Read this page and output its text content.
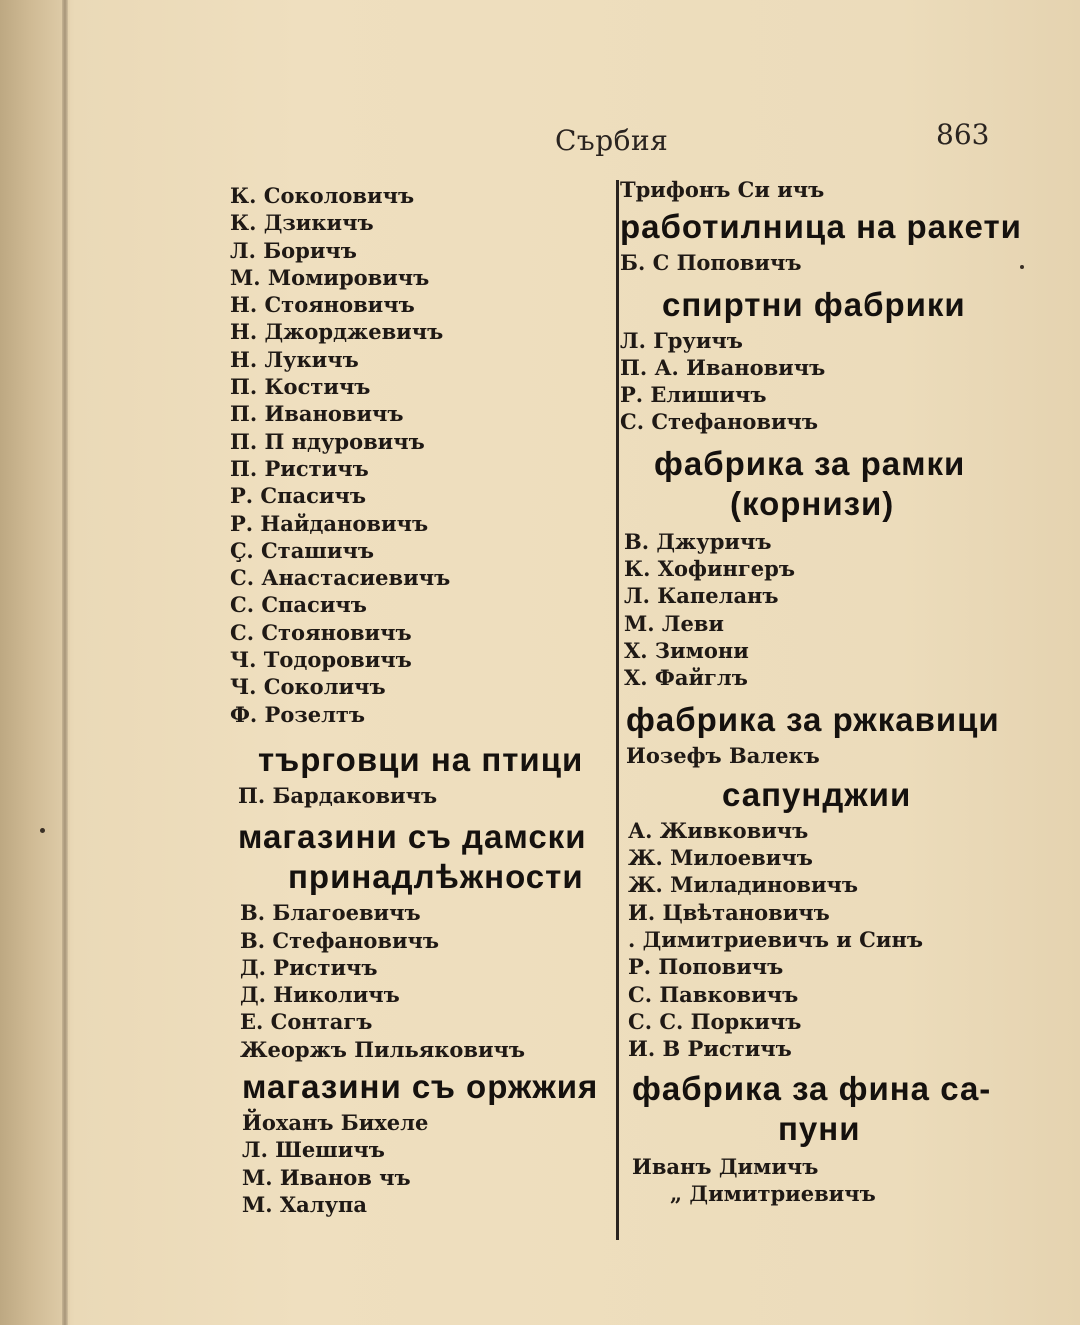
Сърбия	863
К. Соколовичъ
К. Дзикичъ
Л. Боричъ
М. Момировичъ
Н. Стояновичъ
Н. Джорджевичъ
Н. Лукичъ
П. Костичъ
П. Ивановичъ
П. П ндуровичъ
П. Ристичъ
Р. Спасичъ
Р. Найдановичъ
Ç. Сташичъ
С. Анастасиевичъ
С. Спасичъ
С. Стояновичъ
Ч. Тодоровичъ
Ч. Соколичъ
Ф. Розелтъ
търговци на птици
П. Бардаковичъ
магазини съ дамски
принадлѣжности
В. Благоевичъ
В. Стефановичъ
Д. Ристичъ
Д. Николичъ
Е. Сонтагъ
Жеоржъ Пильяковичъ
магазини съ оржжия
Йоханъ Бихеле
Л. Шешичъ
М. Иванов чъ
М. Халупа
Трифонъ Си ичъ
работилница на ракети
Б. С Поповичъ
спиртни фабрики
Л. Груичъ
П. А. Ивановичъ
Р. Елишичъ
С. Стефановичъ
фабрика за рамки
(корнизи)
В. Джуричъ
К. Хофингеръ
Л. Капеланъ
М. Леви
Х. Зимони
Х. Файглъ
фабрика за ржкавици
Иозефъ Валекъ
сапунджии
А. Живковичъ
Ж. Милоевичъ
Ж. Миладиновичъ
И. Цвѣтановичъ
. Димитриевичъ и Синъ
Р. Поповичъ
С. Павковичъ
С. С. Поркичъ
И. В Ристичъ
фабрика за фина са-
пуни
Иванъ Димичъ
„ Димитриевичъ
